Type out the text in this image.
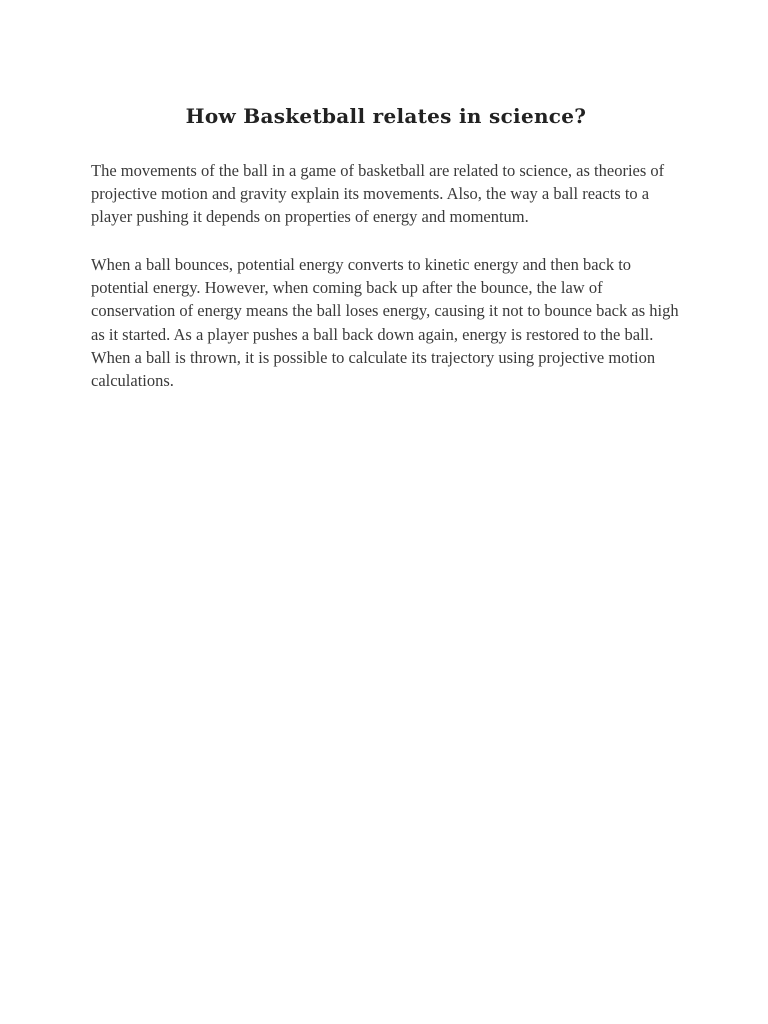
How Basketball relates in science?

The movements of the ball in a game of basketball are related to science, as theories of projective motion and gravity explain its movements. Also, the way a ball reacts to a player pushing it depends on properties of energy and momentum.

When a ball bounces, potential energy converts to kinetic energy and then back to potential energy. However, when coming back up after the bounce, the law of conservation of energy means the ball loses energy, causing it not to bounce back as high as it started. As a player pushes a ball back down again, energy is restored to the ball. When a ball is thrown, it is possible to calculate its trajectory using projective motion calculations.
